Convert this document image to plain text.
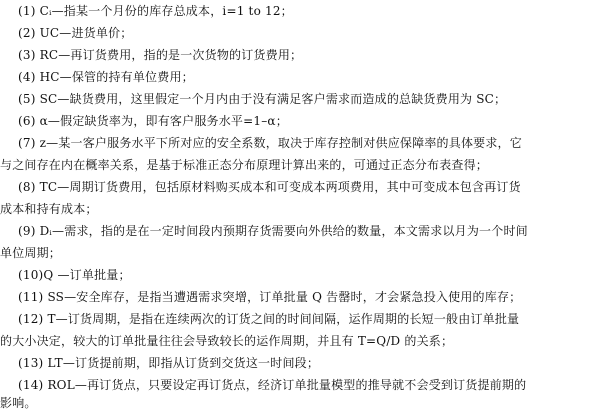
(1) Cᵢ—指某一个月份的库存总成本，i=1 to 12；
(2) UC—进货单价；
(3) RC—再订货费用，指的是一次货物的订货费用；
(4) HC—保管的持有单位费用；
(5) SC—缺货费用，这里假定一个月内由于没有满足客户需求而造成的总缺货费用为 SC；
(6) α—假定缺货率为，即有客户服务水平=1–α；
(7) z—某一客户服务水平下所对应的安全系数，取决于库存控制对供应保障率的具体要求，它
与之间存在内在概率关系，是基于标准正态分布原理计算出来的，可通过正态分布表查得；
(8) TC—周期订货费用，包括原材料购买成本和可变成本两项费用，其中可变成本包含再订货
成本和持有成本；
(9) Dᵢ—需求，指的是在一定时间段内预期存货需要向外供给的数量，本文需求以月为一个时间
单位周期；
(10)Q —订单批量；
(11) SS—安全库存，是指当遭遇需求突增，订单批量 Q 告罄时，才会紧急投入使用的库存；
(12) T—订货周期，是指在连续两次的订货之间的时间间隔，运作周期的长短一般由订单批量
的大小决定，较大的订单批量往往会导致较长的运作周期，并且有 T=Q/D 的关系；
(13) LT—订货提前期，即指从订货到交货这一时间段；
(14) ROL—再订货点，只要设定再订货点，经济订单批量模型的推导就不会受到订货提前期的
影响。
